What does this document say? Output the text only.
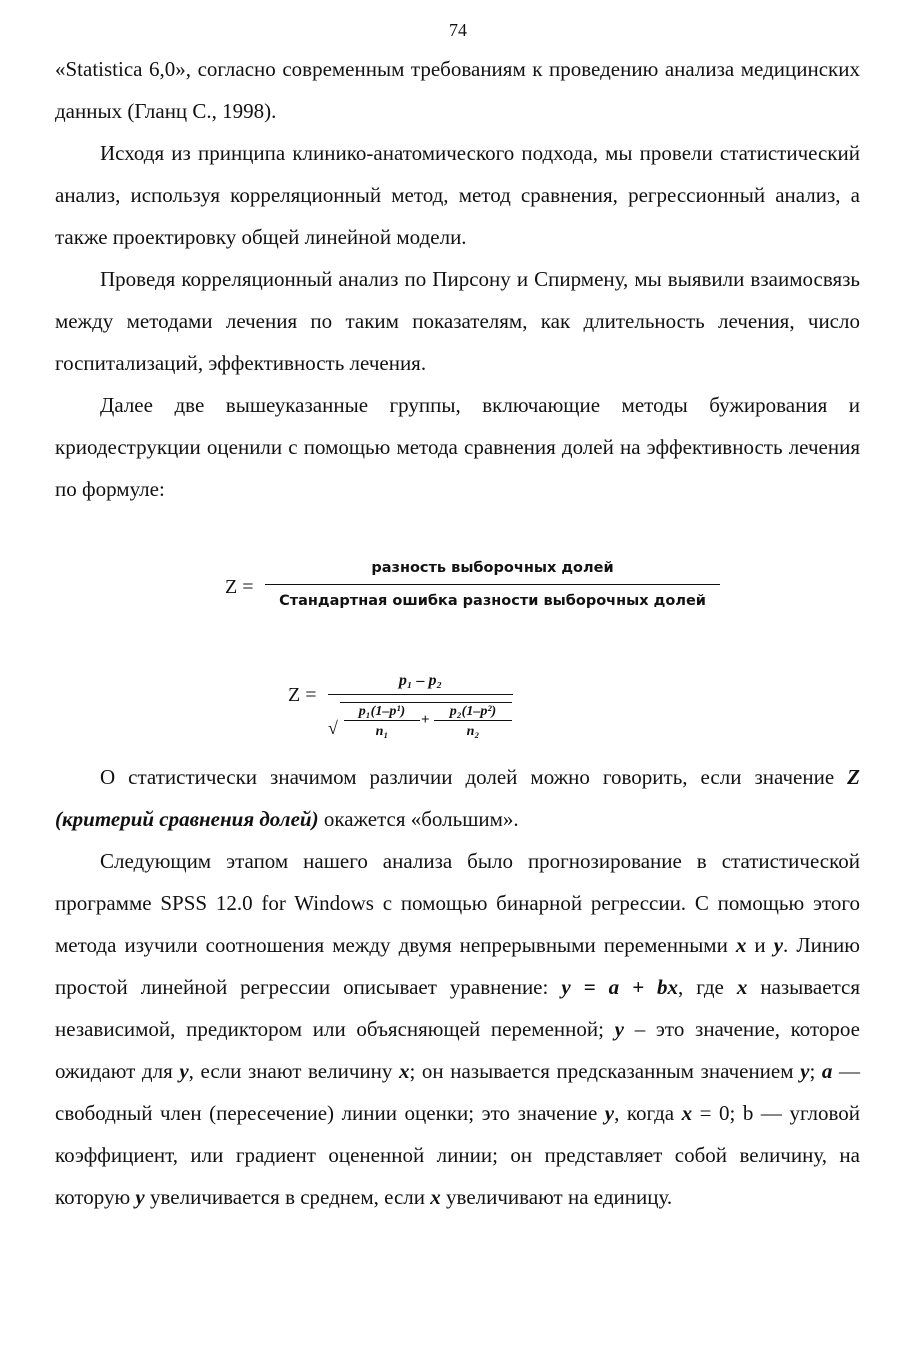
74
«Statistica 6,0», согласно современным требованиям к проведению анализа медицинских данных (Гланц С., 1998).
Исходя из принципа клинико-анатомического подхода, мы провели статистический анализ, используя корреляционный метод, метод сравнения, регрессионный анализ, а также проектировку общей линейной модели.
Проведя корреляционный анализ по Пирсону и Спирмену, мы выявили взаимосвязь между методами лечения по таким показателям, как длительность лечения, число госпитализаций, эффективность лечения.
Далее две вышеуказанные группы, включающие методы бужирования и криодеструкции оценили с помощью метода сравнения долей на эффективность лечения по формуле:
Z =
разность выборочных долей
Стандартная ошибка разности выборочных долей
Z =
p₁ – p₂
√ $\frac{\text{p₁(1–p¹)}}{\text{n₁}} + \frac{\text{p₂(1–p²)}}{\text{n₂}}$
О статистически значимом различии долей можно говорить, если значение Z (критерий сравнения долей) окажется «большим».
Следующим этапом нашего анализа было прогнозирование в статистической программе SPSS 12.0 for Windows с помощью бинарной регрессии. С помощью этого метода изучили соотношения между двумя непрерывными переменными x и y. Линию простой линейной регрессии описывает уравнение: y = a + bx, где x называется независимой, предиктором или объясняющей переменной; y – это значение, которое ожидают для y, если знают величину x; он называется предсказанным значением y; a — свободный член (пересечение) линии оценки; это значение y, когда x = 0; b — угловой коэффициент, или градиент оцененной линии; он представляет собой величину, на которую y увеличивается в среднем, если x увеличивают на единицу.
